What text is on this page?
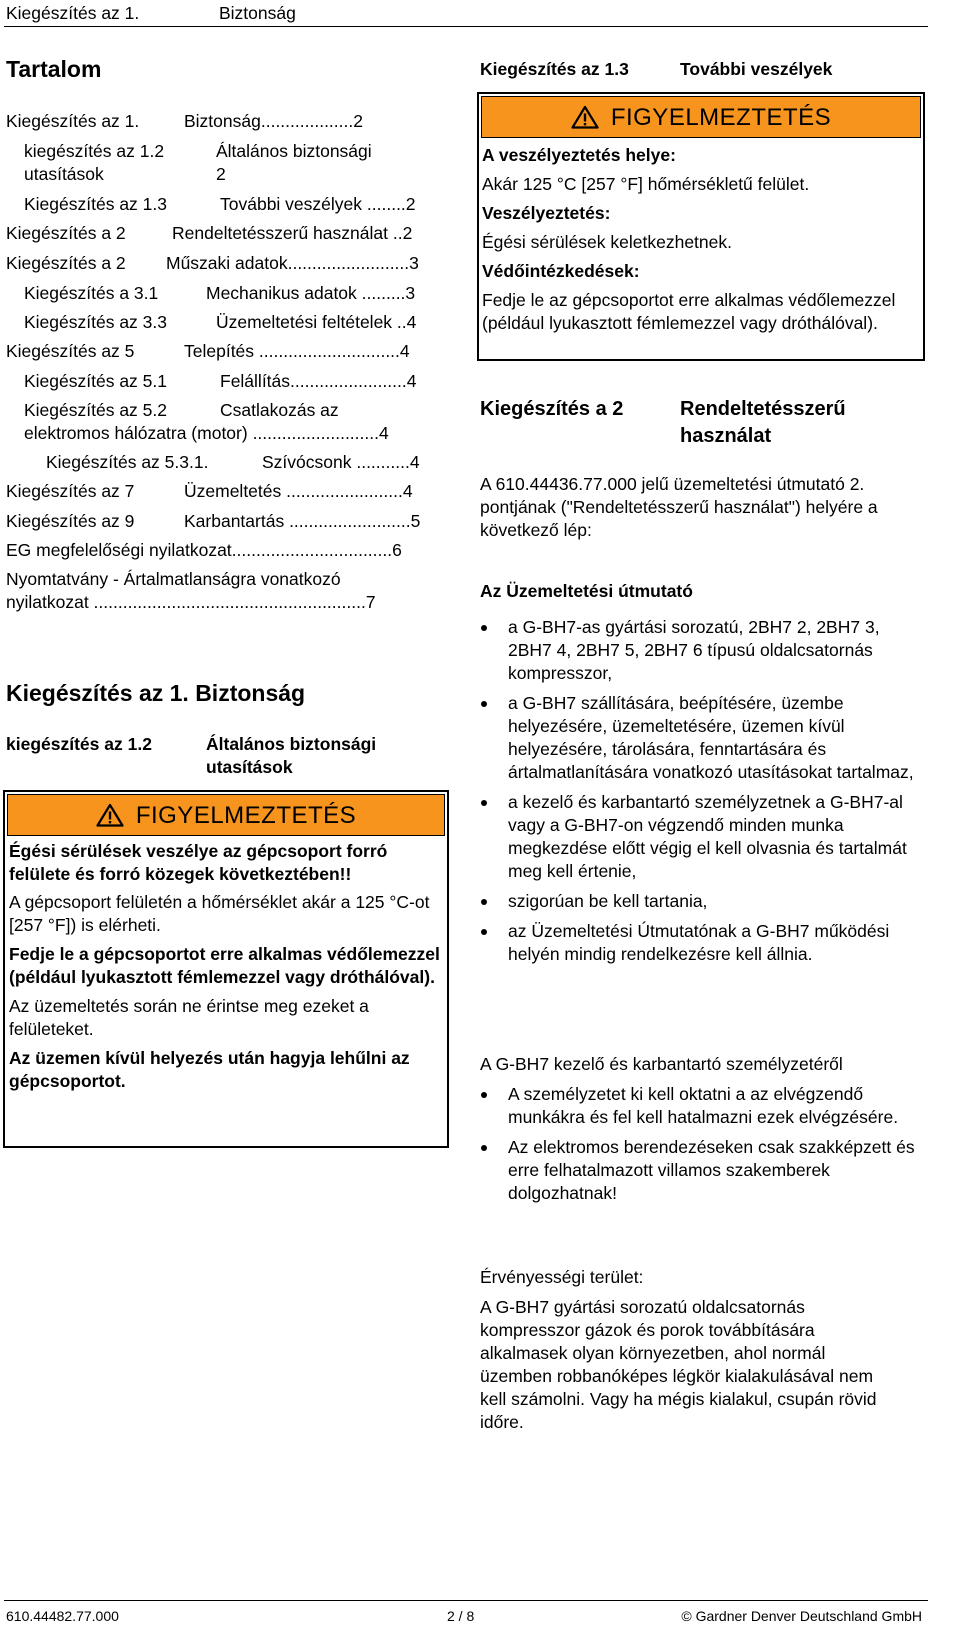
Kiegészítés az 1.	Biztonság
Tartalom
Kiegészítés az 1.	Biztonság...................2
kiegészítés az 1.2	Általános biztonsági
utasítások	2
Kiegészítés az 1.3	További veszélyek ........2
Kiegészítés a 2	Rendeltetésszerű használat ..2
Kiegészítés a 2 Műszaki adatok.........................3
Kiegészítés a 3.1	Mechanikus adatok .........3
Kiegészítés az 3.3	Üzemeltetési feltételek ..4
Kiegészítés az 5	Telepítés .............................4
Kiegészítés az 5.1	Felállítás........................4
Kiegészítés az 5.2	Csatlakozás az
elektromos hálózatra (motor) ..........................4
Kiegészítés az 5.3.1.	Szívócsonk ...........4
Kiegészítés az 7	Üzemeltetés ........................4
Kiegészítés az 9	Karbantartás .........................5
EG megfelelőségi nyilatkozat.................................6
Nyomtatvány - Ártalmatlanságra vonatkozó
nyilatkozat ........................................................7
Kiegészítés az 1. Biztonság
kiegészítés az 1.2	Általános biztonsági
utasítások
FIGYELMEZTETÉS
Égési sérülések veszélye az gépcsoport forró felülete és forró közegek következtében!!
A gépcsoport felületén a hőmérséklet akár a 125 °C-ot [257 °F]) is elérheti.
Fedje le a gépcsoportot erre alkalmas védőlemezzel (például lyukasztott fémlemezzel vagy dróthálóval).
Az üzemeltetés során ne érintse meg ezeket a felületeket.
Az üzemen kívül helyezés után hagyja lehűlni az gépcsoportot.
Kiegészítés az 1.3	További veszélyek
FIGYELMEZTETÉS
A veszélyeztetés helye:
Akár 125 °C [257 °F] hőmérsékletű felület.
Veszélyeztetés:
Égési sérülések keletkezhetnek.
Védőintézkedések:
Fedje le az gépcsoportot erre alkalmas védőlemezzel (például lyukasztott fémlemezzel vagy dróthálóval).
Kiegészítés a 2	Rendeltetésszerű
használat
A 610.44436.77.000 jelű üzemeltetési útmutató 2. pontjának ("Rendeltetésszerű használat") helyére a következő lép:
Az Üzemeltetési útmutató
a G-BH7-as gyártási sorozatú, 2BH7 2, 2BH7 3, 2BH7 4, 2BH7 5, 2BH7 6 típusú oldalcsatornás kompresszor,
a G-BH7 szállítására, beépítésére, üzembe helyezésére, üzemeltetésére, üzemen kívül helyezésére, tárolására, fenntartására és ártalmatlanítására vonatkozó utasításokat tartalmaz,
a kezelő és karbantartó személyzetnek a G-BH7-al vagy a G-BH7-on végzendő minden munka megkezdése előtt végig el kell olvasnia és tartalmát meg kell értenie,
szigorúan be kell tartania,
az Üzemeltetési Útmutatónak a G-BH7 működési helyén mindig rendelkezésre kell állnia.
A G-BH7 kezelő és karbantartó személyzetéről
A személyzetet ki kell oktatni a az elvégzendő munkákra és fel kell hatalmazni ezek elvégzésére.
Az elektromos berendezéseken csak szakképzett és erre felhatalmazott villamos szakemberek dolgozhatnak!
Érvényességi terület:
A G-BH7 gyártási sorozatú oldalcsatornás kompresszor gázok és porok továbbítására alkalmasek olyan környezetben, ahol normál üzemben robbanóképes légkör kialakulásával nem kell számolni. Vagy ha mégis kialakul, csupán rövid időre.
610.44482.77.000	2 / 8	© Gardner Denver Deutschland GmbH
